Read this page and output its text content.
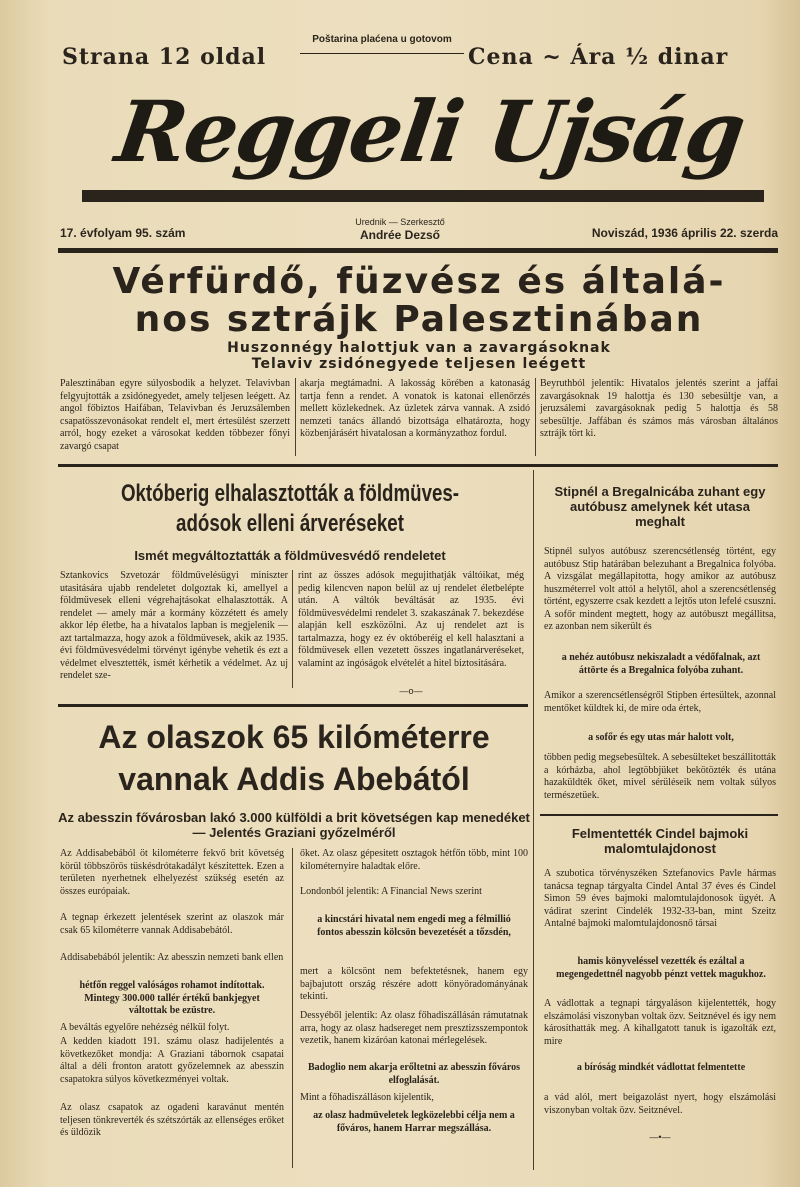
Strana 12 oldal
Poštarina plaćena u gotovom
Cena ~ Ára ½ dinar
Reggeli Ujság
17. évfolyam 95. szám
Urednik — Szerkesztő
Andrée Dezső	Noviszád, 1936 április 22. szerda
Vérfürdő, füzvész és általá-
nos sztrájk Palesztinában
Huszonnégy halottjuk van a zavargásoknak
Telaviv zsidónegyede teljesen leégett
Palesztinában egyre súlyosbodik a helyzet. Telavivban felgyujtották a zsidónegyedet, amely teljesen leégett. Az angol főbiztos Haifában, Telavivban és Jeruzsálemben csapatösszevonásokat rendelt el, mert értesülést szerzett arról, hogy ezeket a városokat kedden többezer főnyi zavargó csapat
akarja megtámadni. A lakosság körében a katonaság tartja fenn a rendet. A vonatok is katonai ellenőrzés mellett közlekednek. Az üzletek zárva vannak. A zsidó nemzeti tanács állandó bizottsága elhatározta, hogy közbenjárásért hivatalosan a kormányzathoz fordul.
Beyruthból jelentik: Hivatalos jelentés szerint a jaffai zavargásoknak 19 halottja és 130 sebesültje van, a jeruzsálemi zavargásoknak pedig 5 halottja és 58 sebesültje. Jaffában és számos más városban általános sztrájk tört ki.
Októberig elhalasztották a földmüves-
adósok elleni árveréseket
Ismét megváltoztatták a földmüvesvédő rendeletet
Sztankovics Szvetozár földművelésügyi miniszter utasitására ujabb rendeletet dolgoztak ki, amellyel a földmüvesek elleni végrehajtásokat elhalasztották. A rendelet — amely már a kormány közzétett és amely akkor lép életbe, ha a hivatalos lapban is megjelenik — azt tartalmazza, hogy azok a földmüvesek, akik az 1935. évi földmüvesvédelmi törvényt igénybe vehetik és ezt a védelmet elvesztették, ismét kérhetik a védelmet. Az uj rendelet sze-
rint az összes adósok megujithatják váltóikat, még pedig kilencven napon belül az uj rendelet életbelépte után. A váltók beváltását az 1935. évi földmüvesvédelmi rendelet 3. szakaszának 7. bekezdése alapján kell eszközölni. Az uj rendelet azt is tartalmazza, hogy ez év októberéig el kell halasztani a földmüvesek ellen vezetett összes ingatlanárveréseket, valamint az ingóságok elvételét a hitel biztositására.
—o—
Stipnél a Bregalnicába zuhant egy autóbusz amelynek két utasa meghalt
Stipnél sulyos autóbusz szerencsétlenség történt, egy autóbusz Stip határában belezuhant a Bregalnica folyóba. A vizsgálat megállapitotta, hogy amikor az autóbusz huszméterrel volt attól a helytől, ahol a szerencsétlenség történt, egyszerre csak kezdett a lejtős uton lefelé csuszni. A sofőr mindent megtett, hogy az autóbuszt megállitsa, ez azonban nem sikerült és
a nehéz autóbusz nekiszaladt a védőfalnak, azt áttörte és a Bregalnica folyóba zuhant.
Amikor a szerencsétlenségről Stipben értesültek, azonnal mentőket küldtek ki, de mire oda értek,
a sofőr és egy utas már halott volt,
többen pedig megsebesültek. A sebesülteket beszállitották a kórházba, ahol legtöbbjüket bekötözték és utána hazaküldték őket, mivel sérüléseik nem voltak súlyos természetüek.
Az olaszok 65 kilóméterre
vannak Addis Abebától
Az abesszin fővárosban lakó 3.000 külföldi a brit követségen kap menedéket — Jelentés Graziani győzelméről
Az Addisabebából öt kilométerre fekvő brit követség körül többszörös tüskésdrótakadályt készitettek. Ezen a területen nyerhetnek elhelyezést szükség esetén az összes európaiak.
A tegnap érkezett jelentések szerint az olaszok már csak 65 kilométerre vannak Addisabebától.
Addisabebából jelentik: Az abesszin nemzeti bank ellen
hétfőn reggel valóságos rohamot indítottak. Mintegy 300.000 tallér értékű bankjegyet váltottak be ezüstre.
A beváltás egyelőre nehézség nélkül folyt.
A kedden kiadott 191. számu olasz hadijelentés a következőket mondja: A Graziani tábornok csapatai által a déli fronton aratott győzelemnek az abesszin csapatokra súlyos következményei voltak.
Az olasz csapatok az ogadeni karavánut mentén teljesen tönkreverték és szétszórták az ellenséges erőket és üldözik
őket. Az olasz gépesitett osztagok hétfőn több, mint 100 kilométernyire haladtak előre.
Londonból jelentik: A Financial News szerint
a kincstári hivatal nem engedi meg a félmillió fontos abesszin kölcsön bevezetését a tőzsdén,
mert a kölcsönt nem befektetésnek, hanem egy bajbajutott ország részére adott könyöradományának tekinti.
Dessyéből jelentik: Az olasz főhadiszállásán rámutatnak arra, hogy az olasz hadsereget nem presztizsszempontok vezetik, hanem kizáróan katonai mérlegelések.
Badoglio nem akarja erőltetni az abesszin főváros elfoglalását.
Mint a főhadiszálláson kijelentik,
az olasz hadmüveletek legközelebbi célja nem a főváros, hanem Harrar megszállása.
Felmentették Cindel bajmoki malomtulajdonost
A szubotica törvényszéken Sztefanovics Pavle hármas tanácsa tegnap tárgyalta Cindel Antal 37 éves és Cindel Simon 59 éves bajmoki malomtulajdonosok ügyét. A vádirat szerint Cindelék 1932-33-ban, mint Szeitz Antalné bajmoki malomtulajdonosnő társai
hamis könyveléssel vezették és ezáltal a megengedettnél nagyobb pénzt vettek magukhoz.
A vádlottak a tegnapi tárgyaláson kijelentették, hogy elszámolási viszonyban voltak özv. Seitznével és igy nem károsíthatták meg. A kihallgatott tanuk is igazolták ezt, mire
a bíróság mindkét vádlottat felmentette
a vád alól, mert beigazolást nyert, hogy elszámolási viszonyban voltak özv. Seitznével.
—•—
